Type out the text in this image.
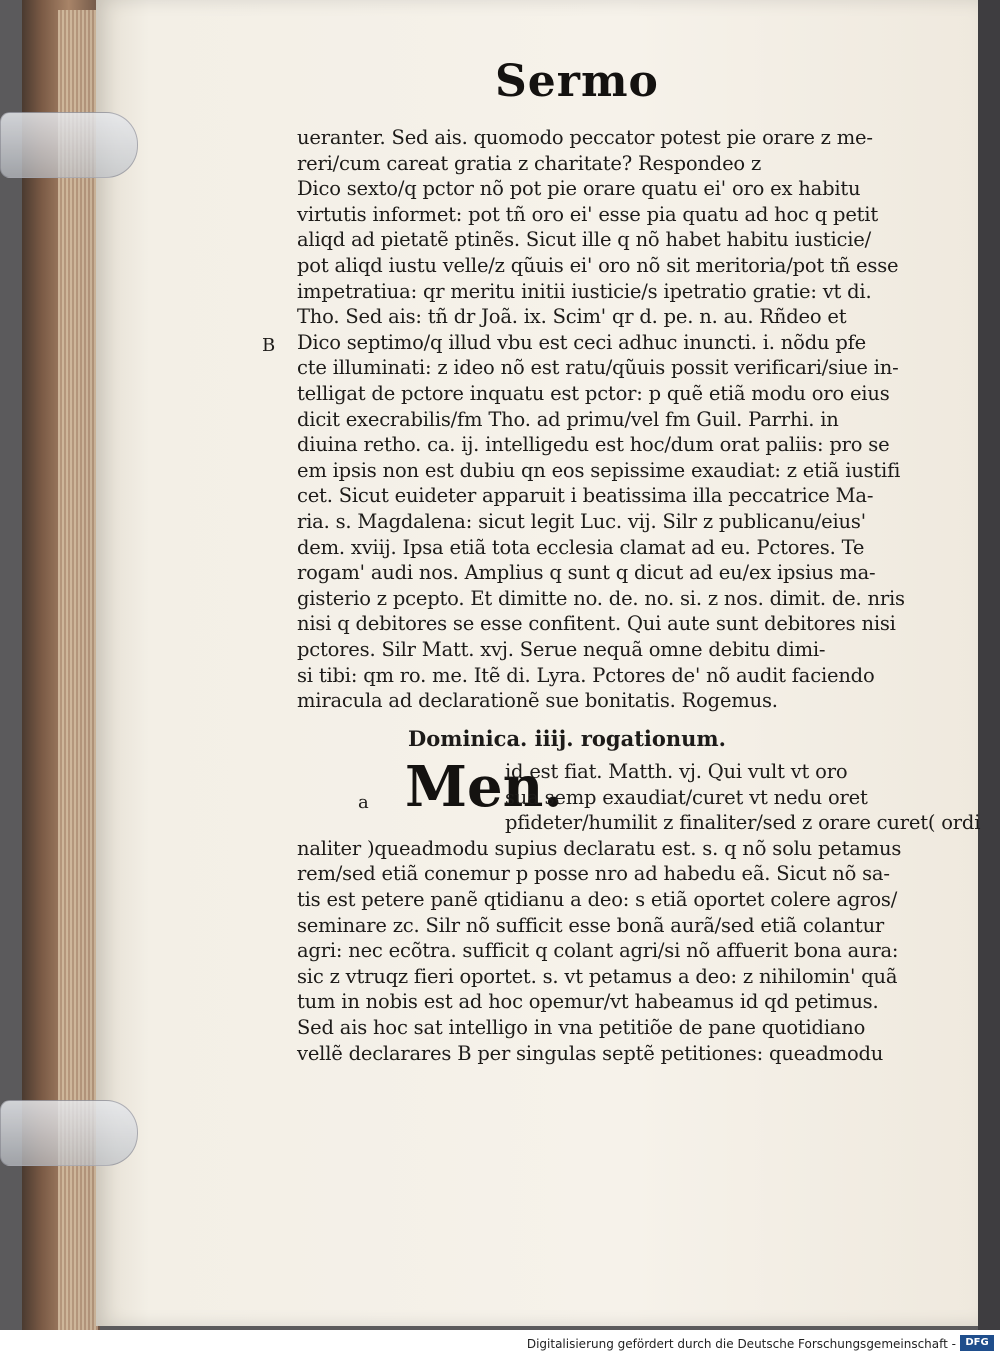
Sermo
ueranter. Sed ais. quomodo peccator potest pie orare z me-
reri/cum careat gratia z charitate? Respondeo z
Dico sexto/q pctor nõ pot pie orare quatu ei' oro ex habitu
virtutis informet: pot tñ oro ei' esse pia quatu ad hoc q petit
aliqd ad pietatẽ ptinẽs. Sicut ille q nõ habet habitu iusticie/
pot aliqd iustu velle/z qũuis ei' oro nõ sit meritoria/pot tñ esse
impetratiua: qr meritu initii iusticie/s ipetratio gratie: vt di.
Tho. Sed ais: tñ dr Joã. ix. Scim' qr d. pe. n. au. Rñdeo et
Dico septimo/q illud vbu est ceci adhuc inuncti. i. nõdu pfe
cte illuminati: z ideo nõ est ratu/qũuis possit verificari/siue in-
telligat de pctore inquatu est pctor: p quẽ etiã modu oro eius
dicit execrabilis/fm Tho. ad primu/vel fm Guil. Parrhi. in
diuina retho. ca. ij. intelligedu est hoc/dum orat paliis: pro se
em ipsis non est dubiu qn eos sepissime exaudiat: z etiã iustifi
cet. Sicut euideter apparuit i beatissima illa peccatrice Ma-
ria. s. Magdalena: sicut legit Luc. vij. Silr z publicanu/eius'
dem. xviij. Ipsa etiã tota ecclesia clamat ad eu. Pctores. Te
rogam' audi nos. Amplius q sunt q dicut ad eu/ex ipsius ma-
gisterio z pcepto. Et dimitte no. de. no. si. z nos. dimit. de. nris
nisi q debitores se esse confitent. Qui aute sunt debitores nisi
pctores. Silr Matt. xvj. Serue nequã omne debitu dimi-
si tibi: qm ro. me. Itẽ di. Lyra. Pctores de' nõ audit faciendo
miracula ad declarationẽ sue bonitatis. Rogemus.
B
a
Dominica. iiij. rogationum.
Men.
id est fiat. Matth. vj. Qui vult vt oro
sua semp exaudiat/curet vt nedu oret
pfideter/humilit z finaliter/sed z orare curet( ordi
naliter )queadmodu supius declaratu est. s. q nõ solu petamus
rem/sed etiã conemur p posse nro ad habedu eã. Sicut nõ sa-
tis est petere panẽ qtidianu a deo: s etiã oportet colere agros/
seminare zc. Silr nõ sufficit esse bonã aurã/sed etiã colantur
agri: nec ecõtra. sufficit q colant agri/si nõ affuerit bona aura:
sic z vtruqz fieri oportet. s. vt petamus a deo: z nihilomin' quã
tum in nobis est ad hoc opemur/vt habeamus id qd petimus.
Sed ais hoc sat intelligo in vna petitiõe de pane quotidiano
vellẽ declarares B per singulas septẽ petitiones: queadmodu
Digitalisierung gefördert durch die Deutsche Forschungsgemeinschaft - DFG
